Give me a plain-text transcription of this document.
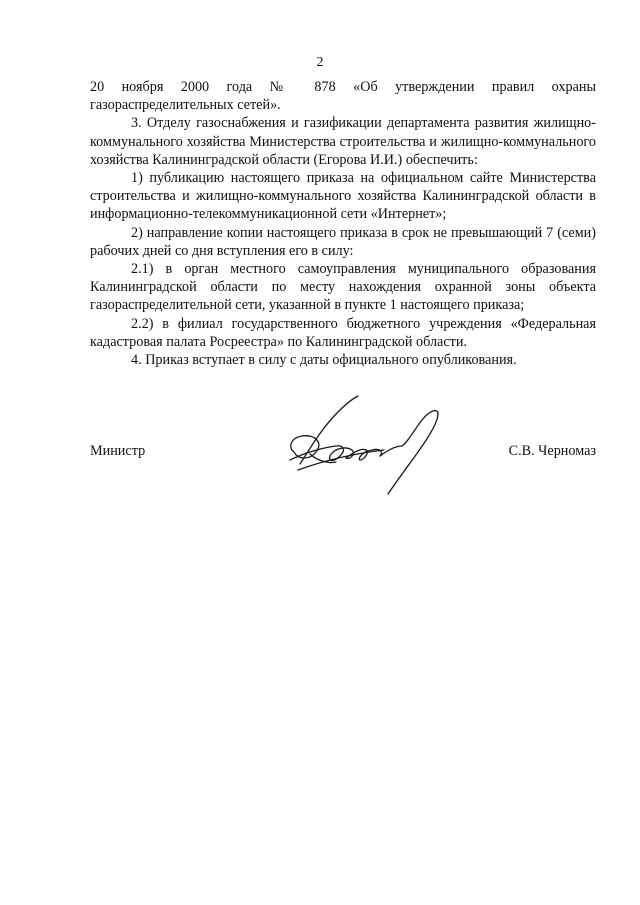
2

20 ноября 2000 года № 878 «Об утверждении правил охраны газораспределительных сетей».

3. Отделу газоснабжения и газификации департамента развития жилищно-коммунального хозяйства Министерства строительства и жилищно-коммунального хозяйства Калининградской области (Егорова И.И.) обеспечить:

1) публикацию настоящего приказа на официальном сайте Министерства строительства и жилищно-коммунального хозяйства Калининградской области в информационно-телекоммуникационной сети «Интернет»;

2) направление копии настоящего приказа в срок не превышающий 7 (семи) рабочих дней со дня вступления его в силу:

2.1) в орган местного самоуправления муниципального образования Калининградской области по месту нахождения охранной зоны объекта газораспределительной сети, указанной в пункте 1 настоящего приказа;

2.2) в филиал государственного бюджетного учреждения «Федеральная кадастровая палата Росреестра» по Калининградской области.

4. Приказ вступает в силу с даты официального опубликования.

Министр	С.В. Черномаз
